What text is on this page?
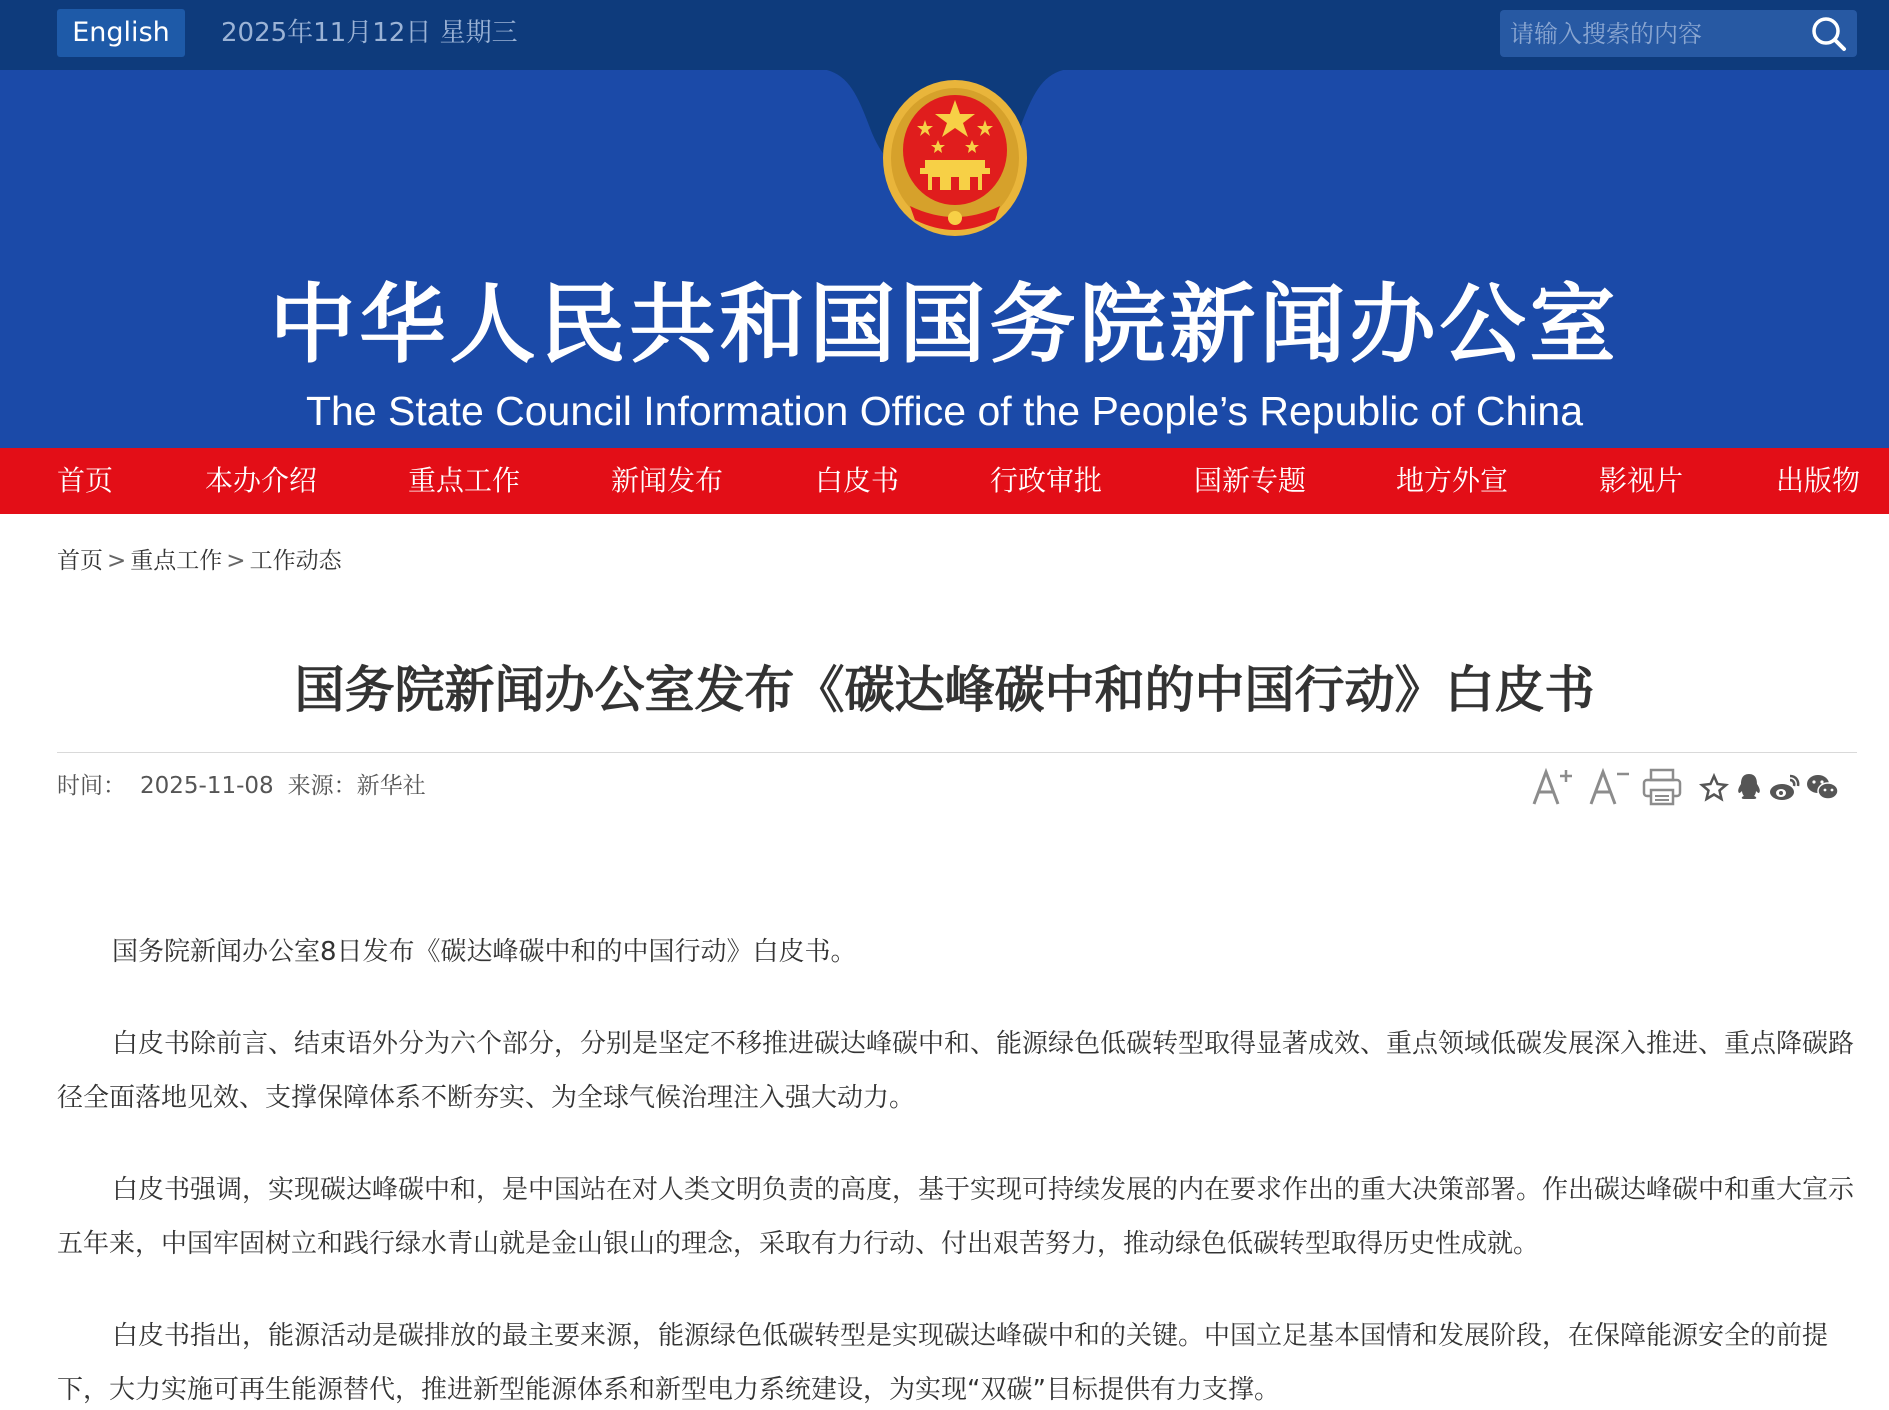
English	2025年11月12日 星期三
请输入搜索的内容
中华人民共和国国务院新闻办公室
The State Council Information Office of the People’s Republic of China
首页	本办介绍	重点工作	新闻发布	白皮书	行政审批	国新专题	地方外宣	影视片	出版物
首页 > 重点工作 > 工作动态
国务院新闻办公室发布《碳达峰碳中和的中国行动》白皮书
时间： 2025-11-08 来源：新华社

国务院新闻办公室8日发布《碳达峰碳中和的中国行动》白皮书。

白皮书除前言、结束语外分为六个部分，分别是坚定不移推进碳达峰碳中和、能源绿色低碳转型取得显著成效、重点领域低碳发展深入推进、重点降碳路径全面落地见效、支撑保障体系不断夯实、为全球气候治理注入强大动力。

白皮书强调，实现碳达峰碳中和，是中国站在对人类文明负责的高度，基于实现可持续发展的内在要求作出的重大决策部署。作出碳达峰碳中和重大宣示五年来，中国牢固树立和践行绿水青山就是金山银山的理念，采取有力行动、付出艰苦努力，推动绿色低碳转型取得历史性成就。

白皮书指出，能源活动是碳排放的最主要来源，能源绿色低碳转型是实现碳达峰碳中和的关键。中国立足基本国情和发展阶段，在保障能源安全的前提下，大力实施可再生能源替代，推进新型能源体系和新型电力系统建设，为实现“双碳”目标提供有力支撑。
